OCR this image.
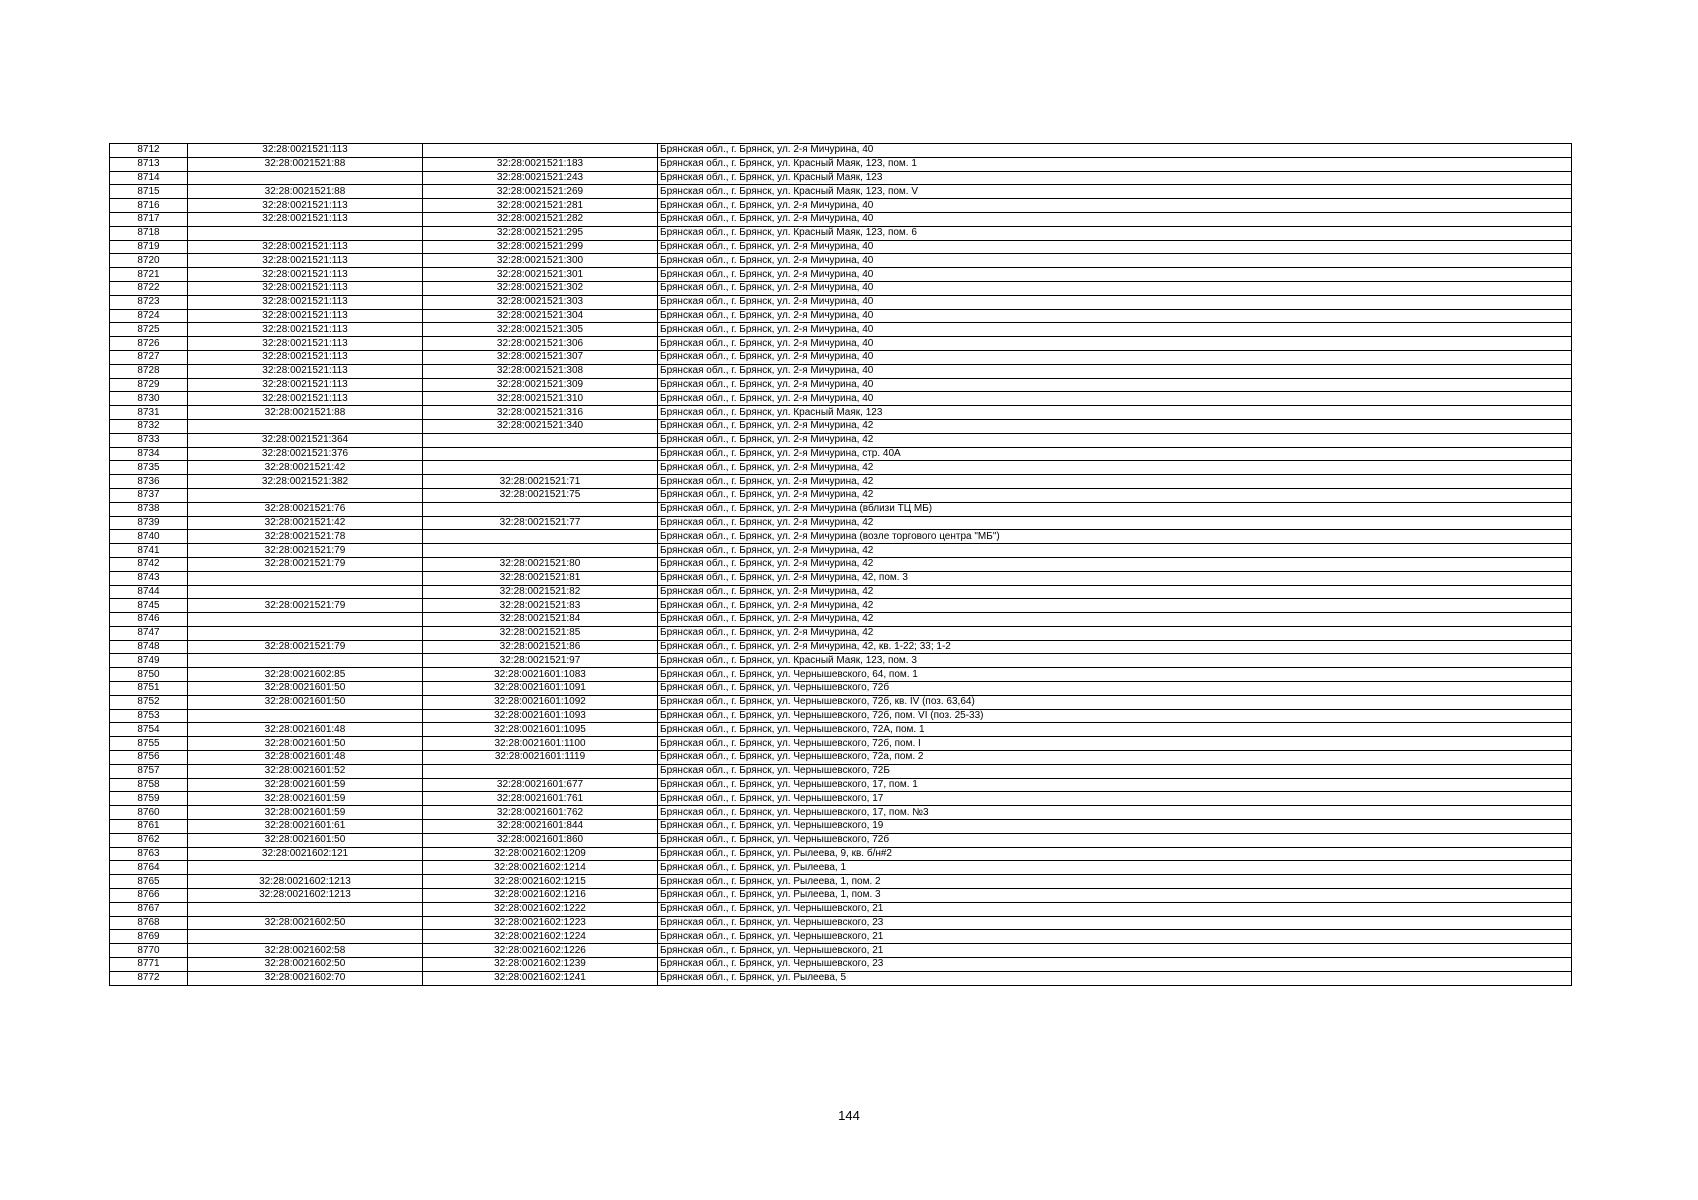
8712	32:28:0021521:113		Брянская обл., г. Брянск, ул. 2-я Мичурина, 40
8713	32:28:0021521:88	32:28:0021521:183	Брянская обл., г. Брянск, ул. Красный Маяк, 123, пом. 1
8714		32:28:0021521:243	Брянская обл., г. Брянск, ул. Красный Маяк, 123
8715	32:28:0021521:88	32:28:0021521:269	Брянская обл., г. Брянск, ул. Красный Маяк, 123, пом. V
8716	32:28:0021521:113	32:28:0021521:281	Брянская обл., г. Брянск, ул. 2-я Мичурина, 40
8717	32:28:0021521:113	32:28:0021521:282	Брянская обл., г. Брянск, ул. 2-я Мичурина, 40
8718		32:28:0021521:295	Брянская обл., г. Брянск, ул. Красный Маяк, 123, пом. 6
8719	32:28:0021521:113	32:28:0021521:299	Брянская обл., г. Брянск, ул. 2-я Мичурина, 40
8720	32:28:0021521:113	32:28:0021521:300	Брянская обл., г. Брянск, ул. 2-я Мичурина, 40
8721	32:28:0021521:113	32:28:0021521:301	Брянская обл., г. Брянск, ул. 2-я Мичурина, 40
8722	32:28:0021521:113	32:28:0021521:302	Брянская обл., г. Брянск, ул. 2-я Мичурина, 40
8723	32:28:0021521:113	32:28:0021521:303	Брянская обл., г. Брянск, ул. 2-я Мичурина, 40
8724	32:28:0021521:113	32:28:0021521:304	Брянская обл., г. Брянск, ул. 2-я Мичурина, 40
8725	32:28:0021521:113	32:28:0021521:305	Брянская обл., г. Брянск, ул. 2-я Мичурина, 40
8726	32:28:0021521:113	32:28:0021521:306	Брянская обл., г. Брянск, ул. 2-я Мичурина, 40
8727	32:28:0021521:113	32:28:0021521:307	Брянская обл., г. Брянск, ул. 2-я Мичурина, 40
8728	32:28:0021521:113	32:28:0021521:308	Брянская обл., г. Брянск, ул. 2-я Мичурина, 40
8729	32:28:0021521:113	32:28:0021521:309	Брянская обл., г. Брянск, ул. 2-я Мичурина, 40
8730	32:28:0021521:113	32:28:0021521:310	Брянская обл., г. Брянск, ул. 2-я Мичурина, 40
8731	32:28:0021521:88	32:28:0021521:316	Брянская обл., г. Брянск, ул. Красный Маяк, 123
8732		32:28:0021521:340	Брянская обл., г. Брянск, ул. 2-я Мичурина, 42
8733	32:28:0021521:364		Брянская обл., г. Брянск, ул. 2-я Мичурина, 42
8734	32:28:0021521:376		Брянская обл., г. Брянск, ул. 2-я Мичурина, стр. 40А
8735	32:28:0021521:42		Брянская обл., г. Брянск, ул. 2-я Мичурина, 42
8736	32:28:0021521:382	32:28:0021521:71	Брянская обл., г. Брянск, ул. 2-я Мичурина, 42
8737		32:28:0021521:75	Брянская обл., г. Брянск, ул. 2-я Мичурина, 42
8738	32:28:0021521:76		Брянская обл., г. Брянск, ул. 2-я Мичурина (вблизи ТЦ МБ)
8739	32:28:0021521:42	32:28:0021521:77	Брянская обл., г. Брянск, ул. 2-я Мичурина, 42
8740	32:28:0021521:78		Брянская обл., г. Брянск, ул. 2-я Мичурина (возле торгового центра "МБ")
8741	32:28:0021521:79		Брянская обл., г. Брянск, ул. 2-я Мичурина, 42
8742	32:28:0021521:79	32:28:0021521:80	Брянская обл., г. Брянск, ул. 2-я Мичурина, 42
8743		32:28:0021521:81	Брянская обл., г. Брянск, ул. 2-я Мичурина, 42, пом. 3
8744		32:28:0021521:82	Брянская обл., г. Брянск, ул. 2-я Мичурина, 42
8745	32:28:0021521:79	32:28:0021521:83	Брянская обл., г. Брянск, ул. 2-я Мичурина, 42
8746		32:28:0021521:84	Брянская обл., г. Брянск, ул. 2-я Мичурина, 42
8747		32:28:0021521:85	Брянская обл., г. Брянск, ул. 2-я Мичурина, 42
8748	32:28:0021521:79	32:28:0021521:86	Брянская обл., г. Брянск, ул. 2-я Мичурина, 42, кв. 1-22; 33; 1-2
8749		32:28:0021521:97	Брянская обл., г. Брянск, ул. Красный Маяк, 123, пом. 3
8750	32:28:0021602:85	32:28:0021601:1083	Брянская обл., г. Брянск, ул. Чернышевского, 64, пом. 1
8751	32:28:0021601:50	32:28:0021601:1091	Брянская обл., г. Брянск, ул. Чернышевского, 72б
8752	32:28:0021601:50	32:28:0021601:1092	Брянская обл., г. Брянск, ул. Чернышевского, 72б, кв. IV (поз. 63,64)
8753		32:28:0021601:1093	Брянская обл., г. Брянск, ул. Чернышевского, 72б, пом. VI (поз. 25-33)
8754	32:28:0021601:48	32:28:0021601:1095	Брянская обл., г. Брянск, ул. Чернышевского, 72А, пом. 1
8755	32:28:0021601:50	32:28:0021601:1100	Брянская обл., г. Брянск, ул. Чернышевского, 72б, пом. I
8756	32:28:0021601:48	32:28:0021601:1119	Брянская обл., г. Брянск, ул. Чернышевского, 72а, пом. 2
8757	32:28:0021601:52		Брянская обл., г. Брянск, ул. Чернышевского, 72Б
8758	32:28:0021601:59	32:28:0021601:677	Брянская обл., г. Брянск, ул. Чернышевского, 17, пом. 1
8759	32:28:0021601:59	32:28:0021601:761	Брянская обл., г. Брянск, ул. Чернышевского, 17
8760	32:28:0021601:59	32:28:0021601:762	Брянская обл., г. Брянск, ул. Чернышевского, 17, пом. №3
8761	32:28:0021601:61	32:28:0021601:844	Брянская обл., г. Брянск, ул. Чернышевского, 19
8762	32:28:0021601:50	32:28:0021601:860	Брянская обл., г. Брянск, ул. Чернышевского, 72б
8763	32:28:0021602:121	32:28:0021602:1209	Брянская обл., г. Брянск, ул. Рылеева, 9, кв. б/н#2
8764		32:28:0021602:1214	Брянская обл., г. Брянск, ул. Рылеева, 1
8765	32:28:0021602:1213	32:28:0021602:1215	Брянская обл., г. Брянск, ул. Рылеева, 1, пом. 2
8766	32:28:0021602:1213	32:28:0021602:1216	Брянская обл., г. Брянск, ул. Рылеева, 1, пом. 3
8767		32:28:0021602:1222	Брянская обл., г. Брянск, ул. Чернышевского, 21
8768	32:28:0021602:50	32:28:0021602:1223	Брянская обл., г. Брянск, ул. Чернышевского, 23
8769		32:28:0021602:1224	Брянская обл., г. Брянск, ул. Чернышевского, 21
8770	32:28:0021602:58	32:28:0021602:1226	Брянская обл., г. Брянск, ул. Чернышевского, 21
8771	32:28:0021602:50	32:28:0021602:1239	Брянская обл., г. Брянск, ул. Чернышевского, 23
8772	32:28:0021602:70	32:28:0021602:1241	Брянская обл., г. Брянск, ул. Рылеева, 5
144
